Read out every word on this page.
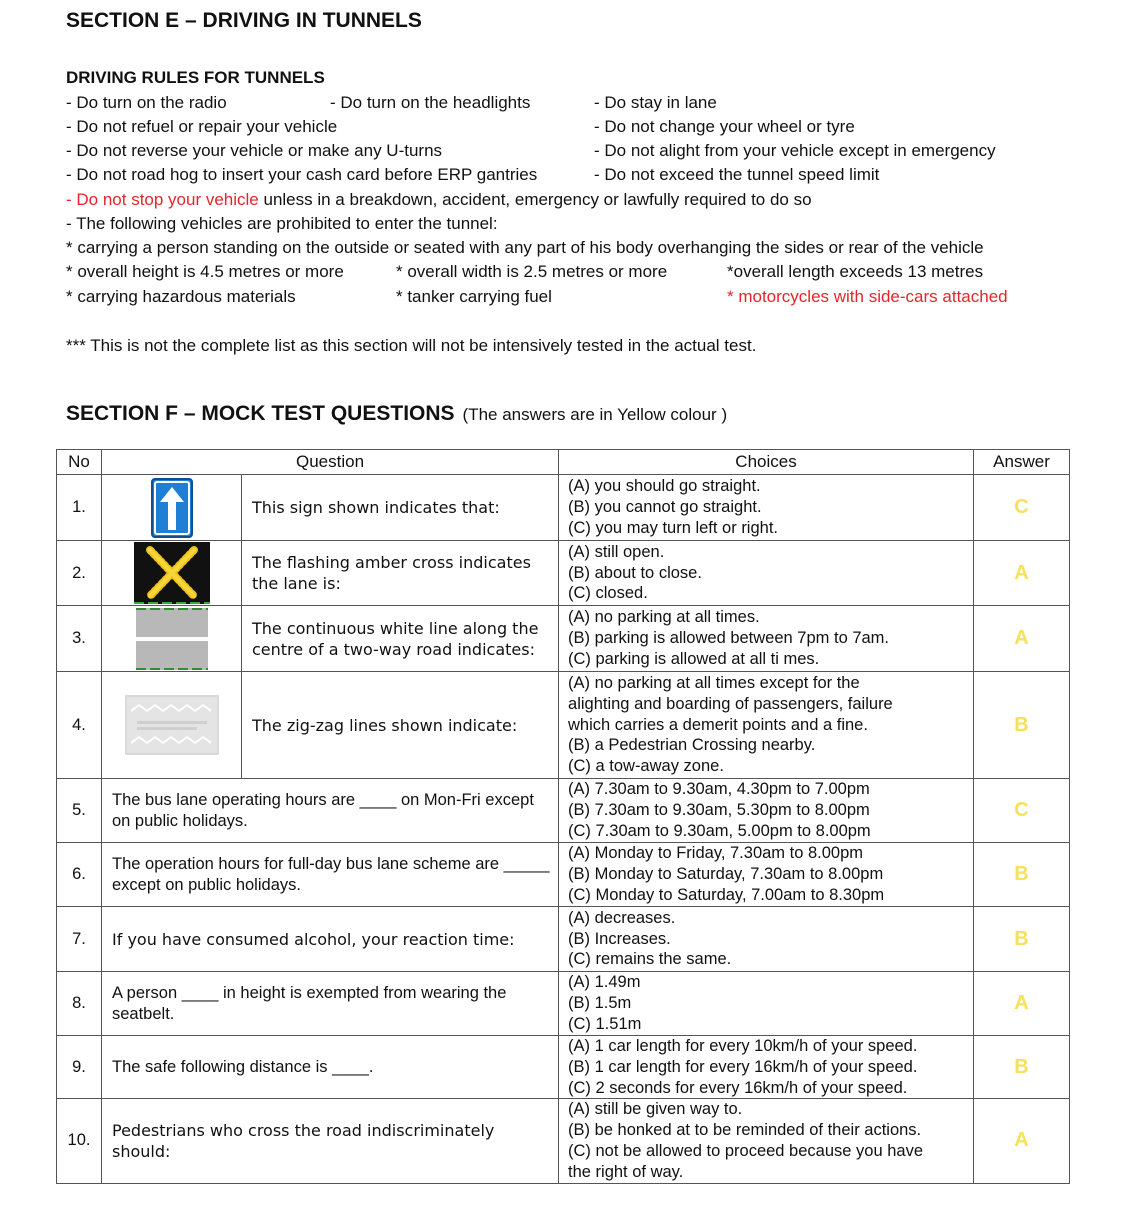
SECTION E – DRIVING IN TUNNELS
DRIVING RULES FOR TUNNELS
- Do turn on the radio	- Do turn on the headlights	- Do stay in lane
- Do not refuel or repair your vehicle	- Do not change your wheel or tyre
- Do not reverse your vehicle or make any U-turns	- Do not alight from your vehicle except in emergency
- Do not road hog to insert your cash card before ERP gantries	- Do not exceed the tunnel speed limit
- Do not stop your vehicle unless in a breakdown, accident, emergency or lawfully required to do so
- The following vehicles are prohibited to enter the tunnel:
* carrying a person standing on the outside or seated with any part of his body overhanging the sides or rear of the vehicle
* overall height is 4.5 metres or more	* overall width is 2.5 metres or more	*overall length exceeds 13 metres
* carrying hazardous materials	* tanker carrying fuel	* motorcycles with side-cars attached
*** This is not the complete list as this section will not be intensively tested in the actual test.
SECTION F – MOCK TEST QUESTIONS (The answers are in Yellow colour )
No	Question		Choices	Answer
1.		This sign shown indicates that:	(A) you should go straight.
(B) you cannot go straight.
(C) you may turn left or right.	C
2.		The flashing amber cross indicates the lane is:	(A) still open.
(B) about to close.
(C) closed.	A
3.		The continuous white line along the centre of a two-way road indicates:	(A) no parking at all times.
(B) parking is allowed between 7pm to 7am.
(C) parking is allowed at all ti mes.	A
4.		The zig-zag lines shown indicate:	(A) no parking at all times except for the
alighting and boarding of passengers, failure
which carries a demerit points and a fine.
(B) a Pedestrian Crossing nearby.
(C) a tow-away zone.	B
5.	The bus lane operating hours are ____ on Mon-Fri except on public holidays.		(A) 7.30am to 9.30am, 4.30pm to 7.00pm
(B) 7.30am to 9.30am, 5.30pm to 8.00pm
(C) 7.30am to 9.30am, 5.00pm to 8.00pm	C
6.	The operation hours for full-day bus lane scheme are _____ except on public holidays.		(A) Monday to Friday, 7.30am to 8.00pm
(B) Monday to Saturday, 7.30am to 8.00pm
(C) Monday to Saturday, 7.00am to 8.30pm	B
7.	If you have consumed alcohol, your reaction time:		(A) decreases.
(B) Increases.
(C) remains the same.	B
8.	A person ____ in height is exempted from wearing the seatbelt.		(A) 1.49m
(B) 1.5m
(C) 1.51m	A
9.	The safe following distance is ____.		(A) 1 car length for every 10km/h of your speed.
(B) 1 car length for every 16km/h of your speed.
(C) 2 seconds for every 16km/h of your speed.	B
10.	Pedestrians who cross the road indiscriminately should:		(A) still be given way to.
(B) be honked at to be reminded of their actions.
(C) not be allowed to proceed because you have
the right of way.	A
